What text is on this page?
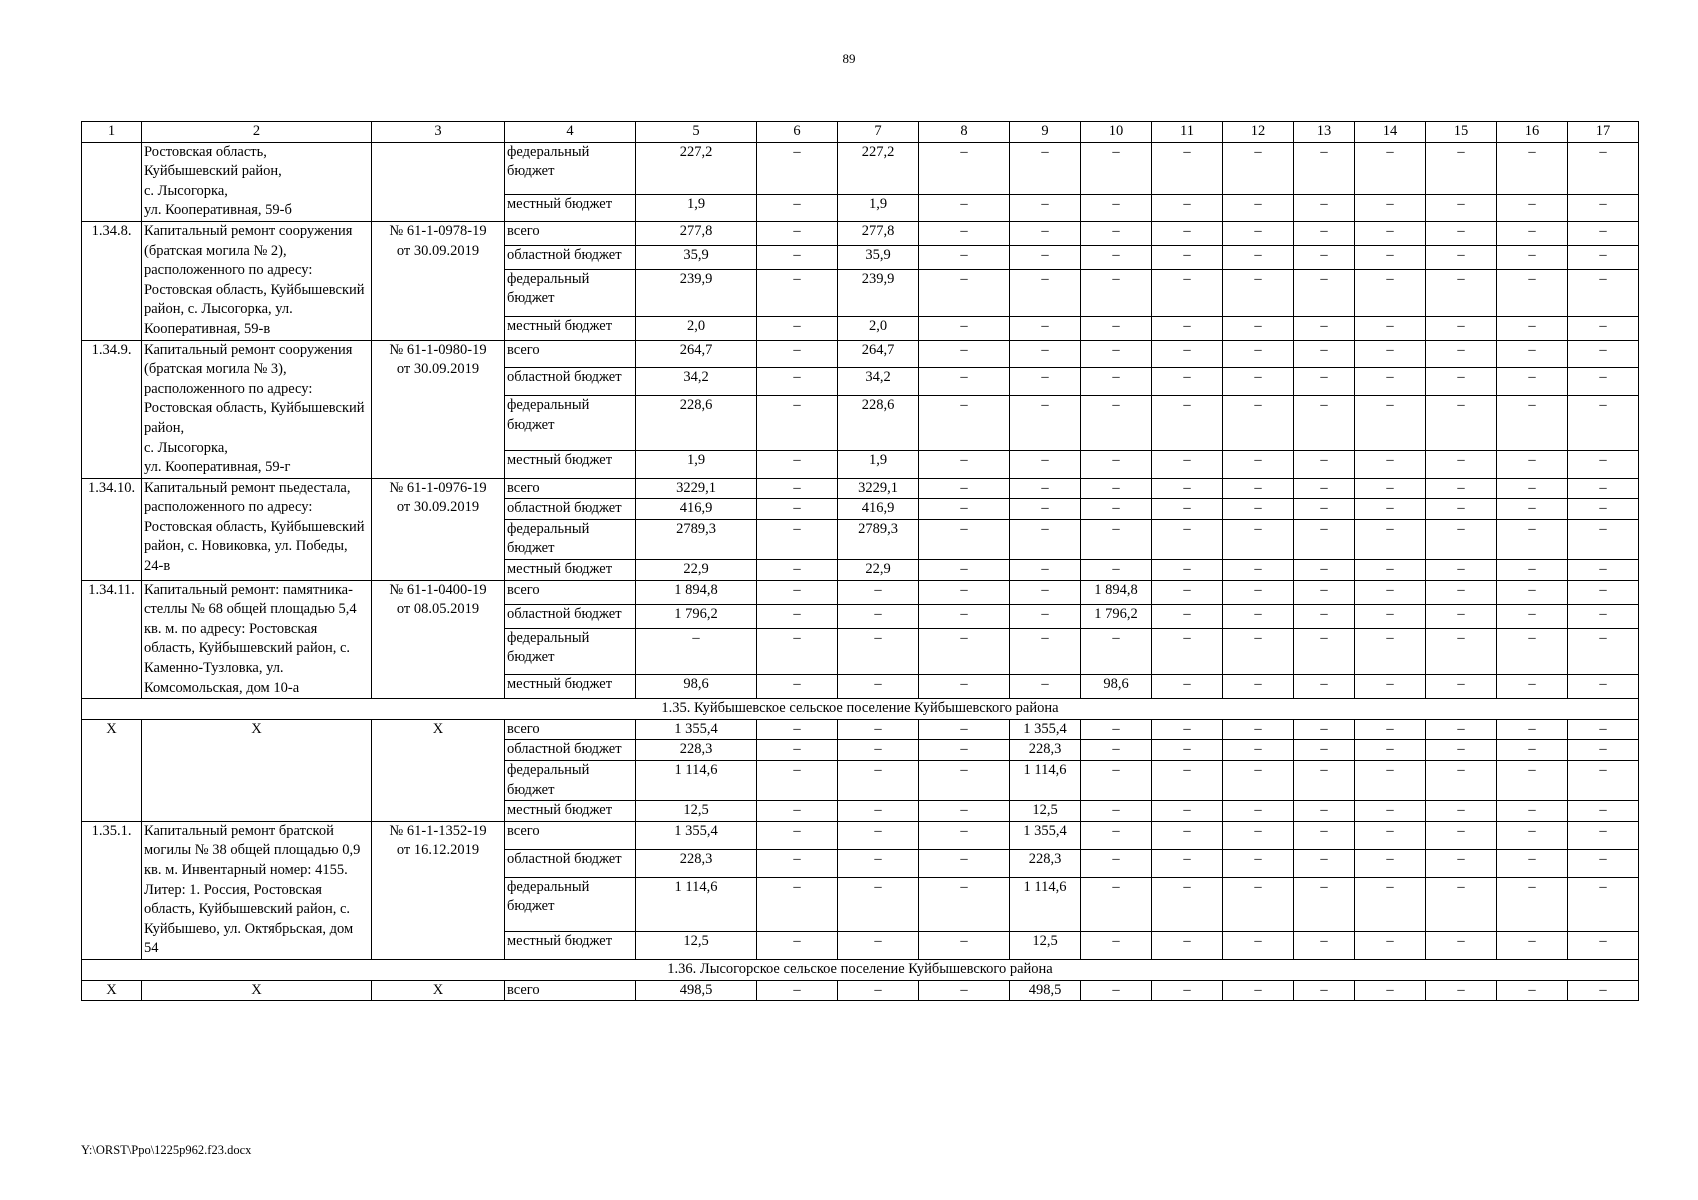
89
1	2	3	4	5	6	7	8	9	10	11	12	13	14	15	16	17
	Ростовская область,
Куйбышевский район,
с. Лысогорка,
ул. Кооперативная, 59-б		федеральный бюджет	227,2	–	227,2	–	–	–	–	–	–	–	–	–	–
			местный бюджет	1,9	–	1,9	–	–	–	–	–	–	–	–	–	–
1.34.8.	Капитальный ремонт сооружения (братская могила № 2), расположенного по адресу: Ростовская область, Куйбышевский район, с. Лысогорка, ул. Кооперативная, 59-в	№ 61-1-0978-19
от 30.09.2019	всего	277,8	–	277,8	–	–	–	–	–	–	–	–	–	–
			областной бюджет	35,9	–	35,9	–	–	–	–	–	–	–	–	–	–
			федеральный бюджет	239,9	–	239,9	–	–	–	–	–	–	–	–	–	–
			местный бюджет	2,0	–	2,0	–	–	–	–	–	–	–	–	–	–
1.34.9.	Капитальный ремонт сооружения (братская могила № 3), расположенного по адресу:
Ростовская область, Куйбышевский район,
с. Лысогорка,
ул. Кооперативная, 59-г	№ 61-1-0980-19
от 30.09.2019	всего	264,7	–	264,7	–	–	–	–	–	–	–	–	–	–
			областной бюджет	34,2	–	34,2	–	–	–	–	–	–	–	–	–	–
			федеральный бюджет	228,6	–	228,6	–	–	–	–	–	–	–	–	–	–
			местный бюджет	1,9	–	1,9	–	–	–	–	–	–	–	–	–	–
1.34.10.	Капитальный ремонт пьедестала, расположенного по адресу: Ростовская область, Куйбышевский район, с. Новиковка, ул. Победы, 24-в	№ 61-1-0976-19
от 30.09.2019	всего	3229,1	–	3229,1	–	–	–	–	–	–	–	–	–	–
			областной бюджет	416,9	–	416,9	–	–	–	–	–	–	–	–	–	–
			федеральный бюджет	2789,3	–	2789,3	–	–	–	–	–	–	–	–	–	–
			местный бюджет	22,9	–	22,9	–	–	–	–	–	–	–	–	–	–
1.34.11.	Капитальный ремонт: памятника-стеллы № 68 общей площадью 5,4 кв. м. по адресу: Ростовская область, Куйбышевский район, с. Каменно-Тузловка, ул. Комсомольская, дом 10-а	№ 61-1-0400-19
от 08.05.2019	всего	1 894,8	–	–	–	–	1 894,8	–	–	–	–	–	–	–
			областной бюджет	1 796,2	–	–	–	–	1 796,2	–	–	–	–	–	–	–
			федеральный бюджет	–	–	–	–	–	–	–	–	–	–	–	–	–
			местный бюджет	98,6	–	–	–	–	98,6	–	–	–	–	–	–	–
1.35. Куйбышевское сельское поселение Куйбышевского района																
Х	Х	Х	всего	1 355,4	–	–	–	1 355,4	–	–	–	–	–	–	–	–
			областной бюджет	228,3	–	–	–	228,3	–	–	–	–	–	–	–	–
			федеральный бюджет	1 114,6	–	–	–	1 114,6	–	–	–	–	–	–	–	–
			местный бюджет	12,5	–	–	–	12,5	–	–	–	–	–	–	–	–
1.35.1.	Капитальный ремонт братской могилы № 38 общей площадью 0,9 кв. м. Инвентарный номер: 4155. Литер: 1. Россия, Ростовская область, Куйбышевский район, с. Куйбышево, ул. Октябрьская, дом 54	№ 61-1-1352-19
от 16.12.2019	всего	1 355,4	–	–	–	1 355,4	–	–	–	–	–	–	–	–
			областной бюджет	228,3	–	–	–	228,3	–	–	–	–	–	–	–	–
			федеральный бюджет	1 114,6	–	–	–	1 114,6	–	–	–	–	–	–	–	–
			местный бюджет	12,5	–	–	–	12,5	–	–	–	–	–	–	–	–
1.36. Лысогорское сельское поселение Куйбышевского района																
Х	Х	Х	всего	498,5	–	–	–	498,5	–	–	–	–	–	–	–	–
Y:\ORST\Ppo\1225p962.f23.docx
